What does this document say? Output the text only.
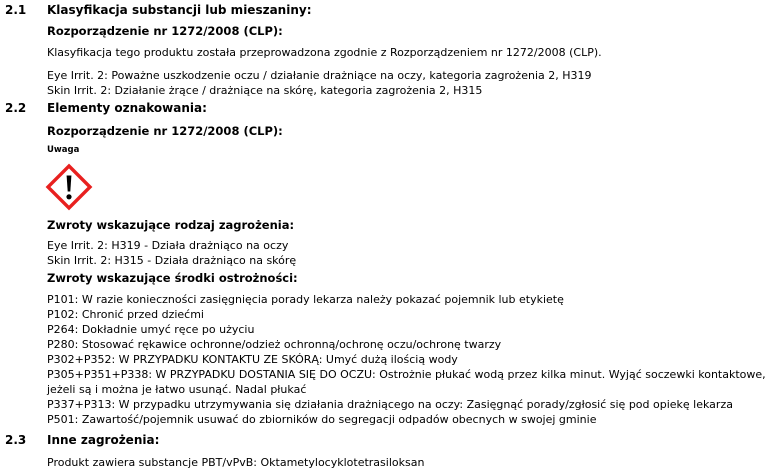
2.1 Klasyfikacja substancji lub mieszaniny:
Rozporządzenie nr 1272/2008 (CLP):
Klasyfikacja tego produktu została przeprowadzona zgodnie z Rozporządzeniem nr 1272/2008 (CLP).
Eye Irrit. 2: Poważne uszkodzenie oczu / działanie drażniące na oczy, kategoria zagrożenia 2, H319
Skin Irrit. 2: Działanie żrące / drażniące na skórę, kategoria zagrożenia 2, H315
2.2 Elementy oznakowania:
Rozporządzenie nr 1272/2008 (CLP):
Uwaga
Zwroty wskazujące rodzaj zagrożenia:
Eye Irrit. 2: H319 - Działa drażniąco na oczy
Skin Irrit. 2: H315 - Działa drażniąco na skórę
Zwroty wskazujące środki ostrożności:
P101: W razie konieczności zasięgnięcia porady lekarza należy pokazać pojemnik lub etykietę
P102: Chronić przed dziećmi
P264: Dokładnie umyć ręce po użyciu
P280: Stosować rękawice ochronne/odzież ochronną/ochronę oczu/ochronę twarzy
P302+P352: W PRZYPADKU KONTAKTU ZE SKÓRĄ: Umyć dużą ilością wody
P305+P351+P338: W PRZYPADKU DOSTANIA SIĘ DO OCZU: Ostrożnie płukać wodą przez kilka minut. Wyjąć soczewki kontaktowe,
jeżeli są i można je łatwo usunąć. Nadal płukać
P337+P313: W przypadku utrzymywania się działania drażniącego na oczy: Zasięgnąć porady/zgłosić się pod opiekę lekarza
P501: Zawartość/pojemnik usuwać do zbiorników do segregacji odpadów obecnych w swojej gminie
2.3 Inne zagrożenia:
Produkt zawiera substancje PBT/vPvB: Oktametylocyklotetrasiloksan
